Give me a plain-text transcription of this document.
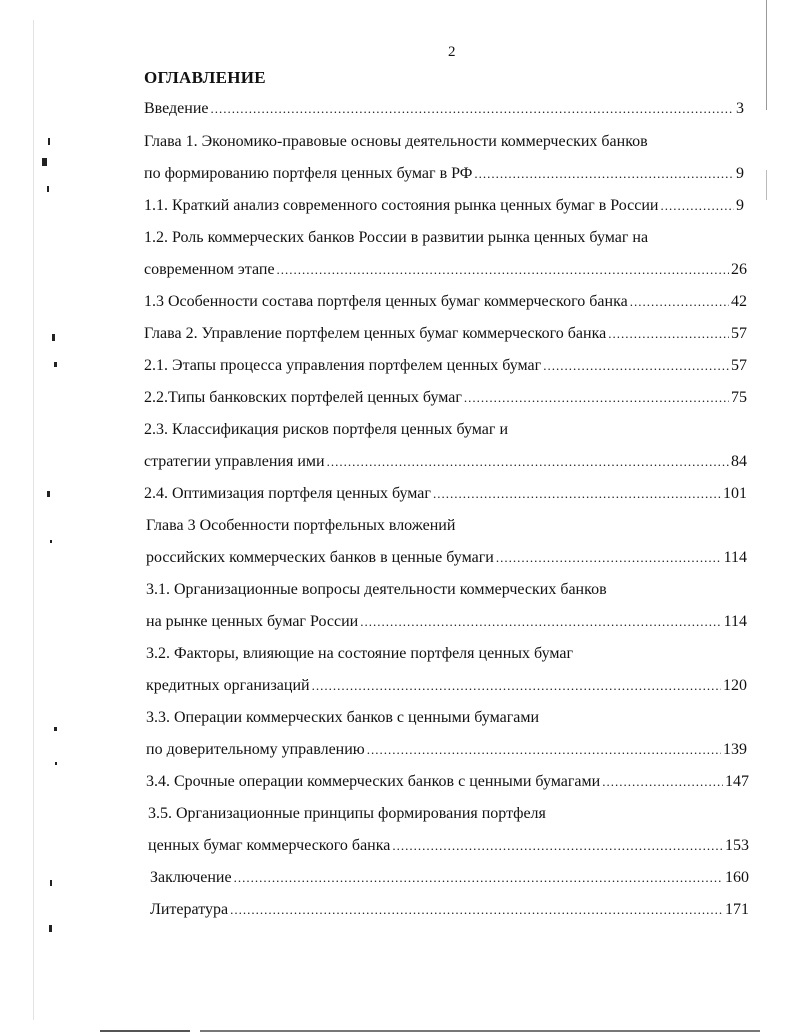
2
ОГЛАВЛЕНИЕ
Введение .....	3
Глава 1. Экономико-правовые основы деятельности коммерческих банков
по формированию портфеля ценных бумаг в РФ .....	9
1.1. Краткий анализ современного состояния рынка ценных бумаг в России .....	9
1.2. Роль коммерческих банков России в развитии рынка ценных бумаг на
современном этапе .....	26
1.3 Особенности состава портфеля ценных бумаг коммерческого банка .....	42
Глава 2. Управление портфелем ценных бумаг коммерческого банка .....	57
2.1. Этапы процесса управления портфелем ценных бумаг .....	57
2.2.Типы банковских портфелей ценных бумаг .....	75
2.3. Классификация рисков портфеля ценных бумаг и
стратегии управления ими .....	84
2.4. Оптимизация портфеля ценных бумаг .....	101
Глава 3 Особенности портфельных вложений
российских коммерческих банков в ценные бумаги .....	114
3.1. Организационные вопросы деятельности коммерческих банков
на рынке ценных бумаг России .....	114
3.2. Факторы, влияющие на состояние портфеля ценных бумаг
кредитных организаций .....	120
3.3. Операции коммерческих банков с ценными бумагами
по доверительному управлению .....	139
3.4. Срочные операции коммерческих банков с ценными бумагами .....	147
3.5. Организационные принципы формирования портфеля
ценных бумаг коммерческого банка .....	153
Заключение .....	160
Литература .....	171
